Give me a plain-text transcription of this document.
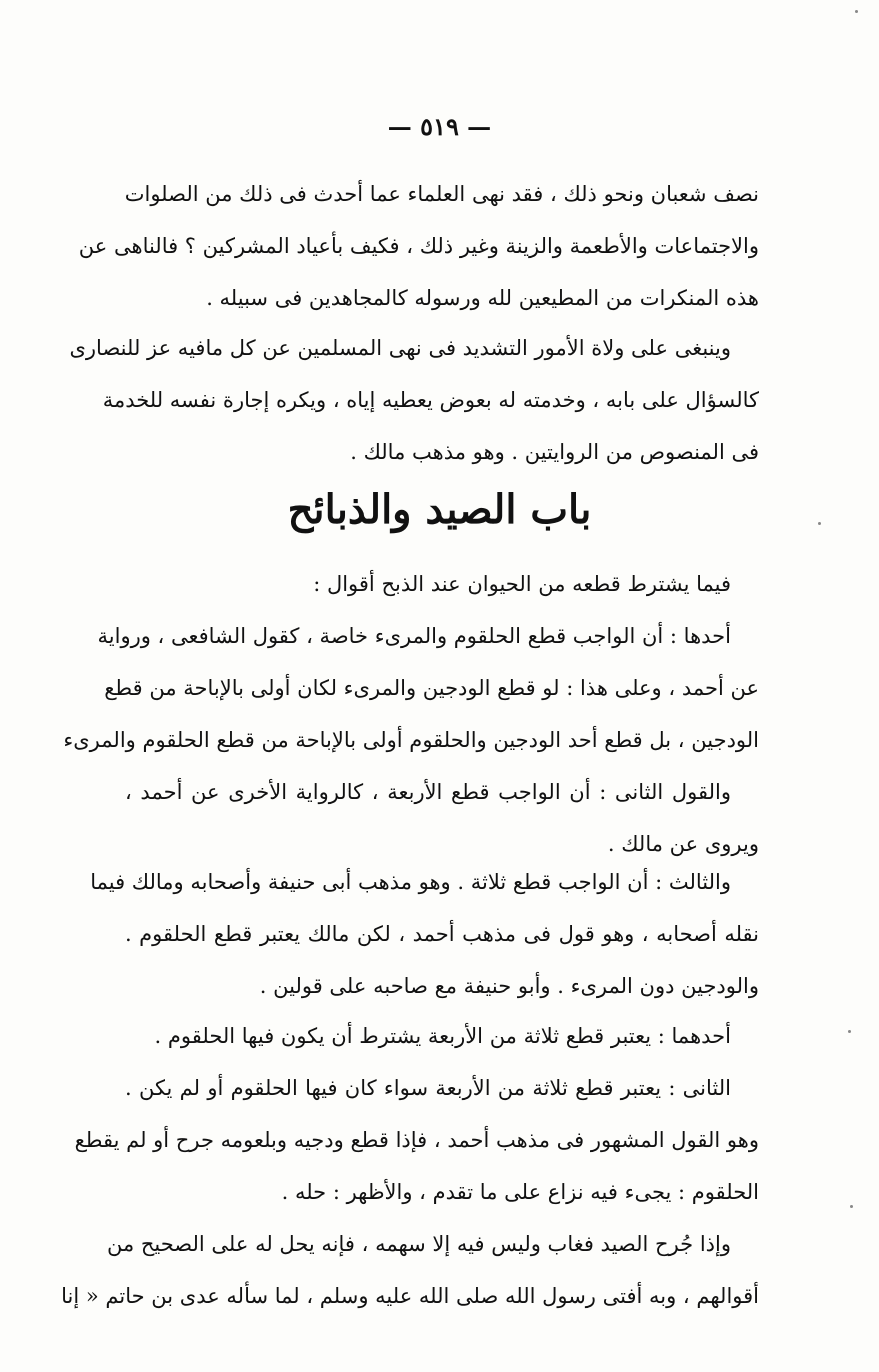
— ٥١٩ —
نصف شعبان ونحو ذلك ، فقد نهى العلماء عما أحدث فى ذلك من الصلوات
والاجتماعات والأطعمة والزينة وغير ذلك ، فكيف بأعياد المشركين ؟ فالناهى عن
هذه المنكرات من المطيعين لله ورسوله كالمجاهدين فى سبيله .
وينبغى على ولاة الأمور التشديد فى نهى المسلمين عن كل مافيه عز للنصارى
كالسؤال على بابه ، وخدمته له بعوض يعطيه إياه ، ويكره إجارة نفسه للخدمة
فى المنصوص من الروايتين . وهو مذهب مالك .
باب الصيد والذبائح
فيما يشترط قطعه من الحيوان عند الذبح أقوال :
أحدها : أن الواجب قطع الحلقوم والمرىء خاصة ، كقول الشافعى ، ورواية
عن أحمد ، وعلى هذا : لو قطع الودجين والمرىء لكان أولى بالإباحة من قطع
الودجين ، بل قطع أحد الودجين والحلقوم أولى بالإباحة من قطع الحلقوم والمرىء
والقول الثانى : أن الواجب قطع الأربعة ، كالرواية الأخرى عن أحمد ،
ويروى عن مالك .
والثالث : أن الواجب قطع ثلاثة . وهو مذهب أبى حنيفة وأصحابه ومالك فيما
نقله أصحابه ، وهو قول فى مذهب أحمد ، لكن مالك يعتبر قطع الحلقوم .
والودجين دون المرىء . وأبو حنيفة مع صاحبه على قولين .
أحدهما : يعتبر قطع ثلاثة من الأربعة يشترط أن يكون فيها الحلقوم .
الثانى : يعتبر قطع ثلاثة من الأربعة سواء كان فيها الحلقوم أو لم يكن .
وهو القول المشهور فى مذهب أحمد ، فإذا قطع ودجيه وبلعومه جرح أو لم يقطع
الحلقوم : يجىء فيه نزاع على ما تقدم ، والأظهر : حله .
وإذا جُرح الصيد فغاب وليس فيه إلا سهمه ، فإنه يحل له على الصحيح من
أقوالهم ، وبه أفتى رسول الله صلى الله عليه وسلم ، لما سأله عدى بن حاتم « إنا
